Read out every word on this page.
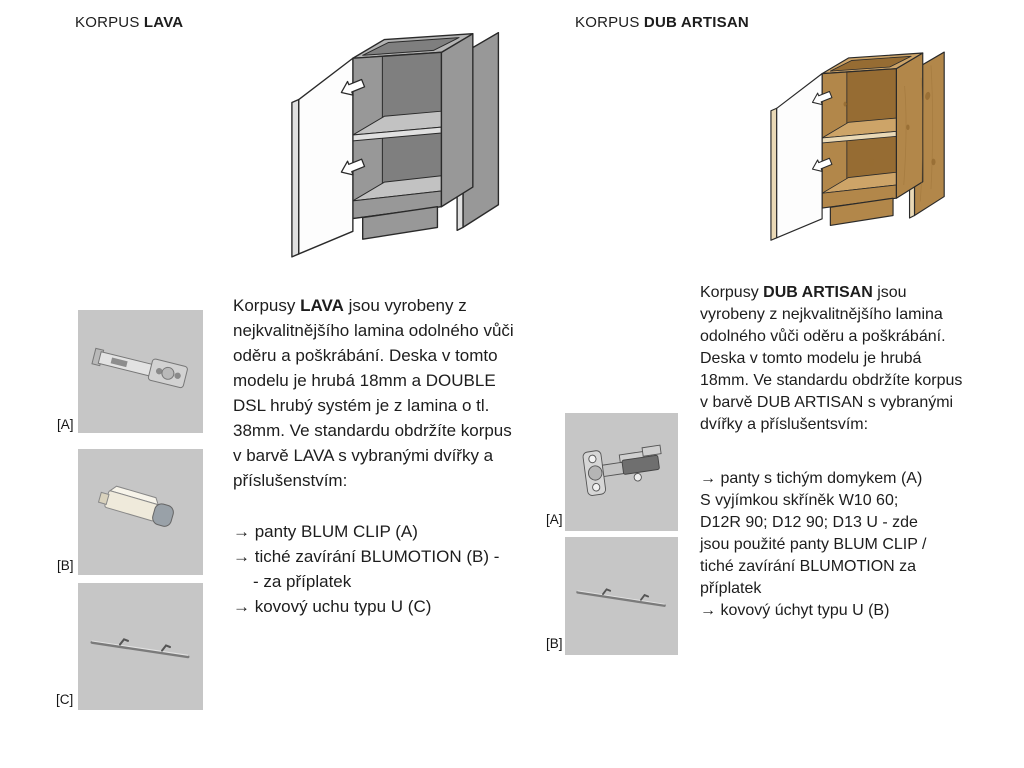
KORPUS LAVA
[A]
[B]
[C]

Korpusy LAVA jsou vyrobeny z nejkvalitnějšího lamina odolného vůči oděru a poškrábání. Deska v tomto modelu je hrubá 18mm a DOUBLE DSL hrubý systém je z lamina o tl. 38mm. Ve standardu obdržíte korpus v barvě LAVA s vybranými dvířky a příslušenstvím:

→ panty BLUM CLIP (A)
→ tiché zavírání BLUMOTION (B) -
- za příplatek
→ kovový uchu typu U (C)
KORPUS DUB ARTISAN
[A]
[B]

Korpusy DUB ARTISAN jsou vyrobeny z nejkvalitnějšího lamina odolného vůči oděru a poškrábání. Deska v tomto modelu je hrubá 18mm. Ve standardu obdržíte korpus v barvě DUB ARTISAN s vybranými dvířky a příslušentsvím:

→ panty s tichým domykem (A)
S vyjímkou skříněk W10 60;
D12R 90; D12 90; D13 U - zde
jsou použité panty BLUM CLIP /
tiché zavírání BLUMOTION za
příplatek
→ kovový úchyt typu U (B)
